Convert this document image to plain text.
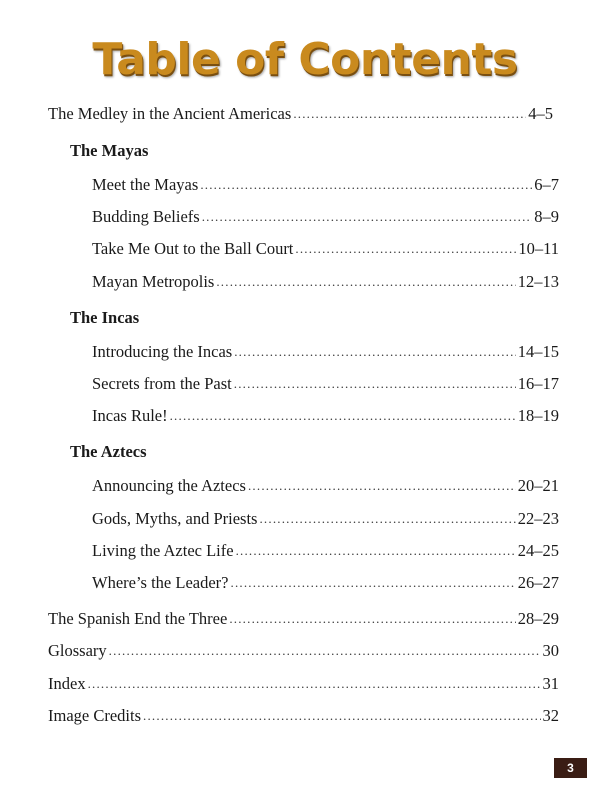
Table of Contents
The Medley in the Ancient Americas .....	4–5
The Mayas
Meet the Mayas .....	6–7
Budding Beliefs .....	8–9
Take Me Out to the Ball Court .....	10–11
Mayan Metropolis .....	12–13
The Incas
Introducing the Incas .....	14–15
Secrets from the Past .....	16–17
Incas Rule! .....	18–19
The Aztecs
Announcing the Aztecs .....	20–21
Gods, Myths, and Priests .....	22–23
Living the Aztec Life .....	24–25
Where’s the Leader? .....	26–27
The Spanish End the Three .....	28–29
Glossary .....	30
Index .....	31
Image Credits .....	32
3
